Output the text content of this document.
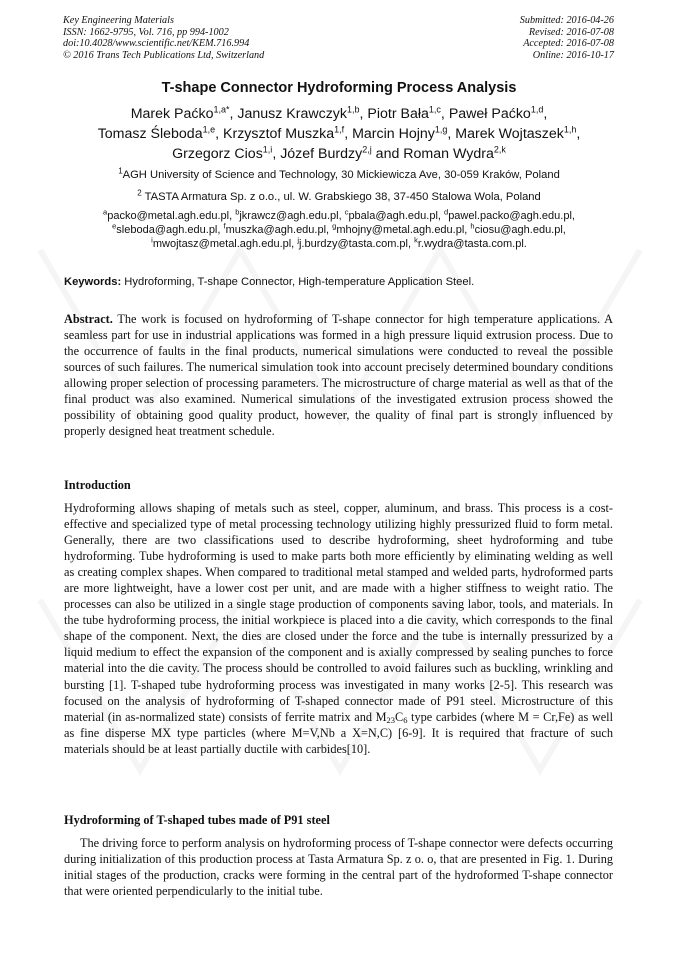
Key Engineering Materials
ISSN: 1662-9795, Vol. 716, pp 994-1002
doi:10.4028/www.scientific.net/KEM.716.994
© 2016 Trans Tech Publications Ltd, Switzerland
Submitted: 2016-04-26
Revised: 2016-07-08
Accepted: 2016-07-08
Online: 2016-10-17
T-shape Connector Hydroforming Process Analysis
Marek Paćko$^{1,a*}$, Janusz Krawczyk$^{1,b}$, Piotr Bała$^{1,c}$, Paweł Paćko$^{1,d}$,
Tomasz Śleboda$^{1,e}$, Krzysztof Muszka$^{1,f}$, Marcin Hojny$^{1,g}$, Marek Wojtaszek$^{1,h}$,
Grzegorz Cios$^{1,i}$, Józef Burdzy$^{2,j}$ and Roman Wydra$^{2,k}$
$^1$AGH University of Science and Technology, 30 Mickiewicza Ave, 30-059 Kraków, Poland
$^2$ TASTA Armatura Sp. z o.o., ul. W. Grabskiego 38, 37-450 Stalowa Wola, Poland
$^a$packo@metal.agh.edu.pl, $^b$jkrawcz@agh.edu.pl, $^c$pbala@agh.edu.pl, $^d$pawel.packo@agh.edu.pl,
$^e$sleboda@agh.edu.pl, $^f$muszka@agh.edu.pl, $^g$mhojny@metal.agh.edu.pl, $^h$ciosu@agh.edu.pl,
$^i$mwojtasz@metal.agh.edu.pl, $^j$j.burdzy@tasta.com.pl, $^k$r.wydra@tasta.com.pl.
Keywords: Hydroforming, T-shape Connector, High-temperature Application Steel.
Abstract. The work is focused on hydroforming of T-shape connector for high temperature applications. A seamless part for use in industrial applications was formed in a high pressure liquid extrusion process. Due to the occurrence of faults in the final products, numerical simulations were conducted to reveal the possible sources of such failures. The numerical simulation took into account precisely determined boundary conditions allowing proper selection of processing parameters. The microstructure of charge material as well as that of the final product was also examined. Numerical simulations of the investigated extrusion process showed the possibility of obtaining good quality product, however, the quality of final part is strongly influenced by properly designed heat treatment schedule.
Introduction
Hydroforming allows shaping of metals such as steel, copper, aluminum, and brass. This process is a cost-effective and specialized type of metal processing technology utilizing highly pressurized fluid to form metal. Generally, there are two classifications used to describe hydroforming, sheet hydroforming and tube hydroforming. Tube hydroforming is used to make parts both more efficiently by eliminating welding as well as creating complex shapes. When compared to traditional metal stamped and welded parts, hydroformed parts are more lightweight, have a lower cost per unit, and are made with a higher stiffness to weight ratio. The processes can also be utilized in a single stage production of components saving labor, tools, and materials. In the tube hydroforming process, the initial workpiece is placed into a die cavity, which corresponds to the final shape of the component. Next, the dies are closed under the force and the tube is internally pressurized by a liquid medium to effect the expansion of the component and is axially compressed by sealing punches to force material into the die cavity. The process should be controlled to avoid failures such as buckling, wrinkling and bursting [1]. T-shaped tube hydroforming process was investigated in many works [2-5]. This research was focused on the analysis of hydroforming of T-shaped connector made of P91 steel. Microstructure of this material (in as-normalized state) consists of ferrite matrix and $M_{23}C_6$ type carbides (where M = Cr,Fe) as well as fine disperse MX type particles (where M=V,Nb a X=N,C) [6-9]. It is required that fracture of such materials should be at least partially ductile with carbides[10].
Hydroforming of T-shaped tubes made of P91 steel
The driving force to perform analysis on hydroforming process of T-shape connector were defects occurring during initialization of this production process at Tasta Armatura Sp. z o. o, that are presented in Fig. 1. During initial stages of the production, cracks were forming in the central part of the hydroformed T-shape connector that were oriented perpendicularly to the initial tube.
